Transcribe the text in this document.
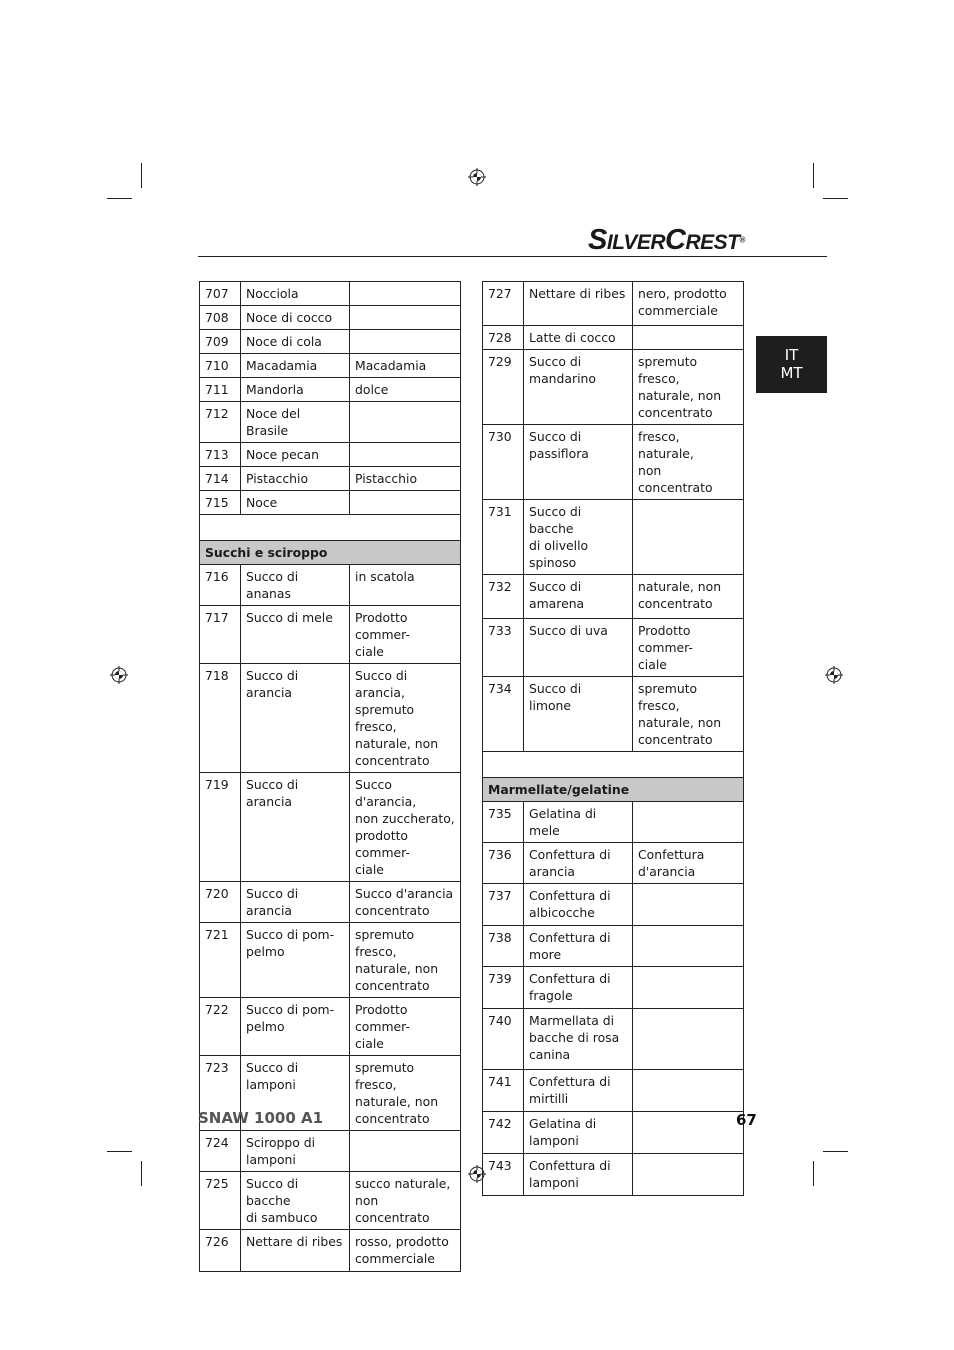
SILVERCREST®
IT
MT
707	Nocciola	
708	Noce di cocco	
709	Noce di cola	
710	Macadamia	Macadamia
711	Mandorla	dolce
712	Noce del Brasile	
713	Noce pecan	
714	Pistacchio	Pistacchio
715	Noce	

Succhi e sciroppo		
716	Succo di ananas	in scatola
717	Succo di mele	Prodotto commer-
ciale
718	Succo di arancia	Succo di arancia,
spremuto fresco,
naturale, non
concentrato
719	Succo di arancia	Succo d'arancia,
non zuccherato,
prodotto commer-
ciale
720	Succo di arancia	Succo d'arancia
concentrato
721	Succo di pom-
pelmo	spremuto fresco,
naturale, non
concentrato
722	Succo di pom-
pelmo	Prodotto commer-
ciale
723	Succo di lamponi	spremuto fresco,
naturale, non
concentrato
724	Sciroppo di
lamponi	
725	Succo di bacche
di sambuco	succo naturale,
non concentrato
726	Nettare di ribes	rosso, prodotto
commerciale
727	Nettare di ribes	nero, prodotto
commerciale
728	Latte di cocco	
729	Succo di
mandarino	spremuto fresco,
naturale, non
concentrato
730	Succo di
passiflora	fresco, naturale,
non concentrato
731	Succo di bacche
di olivello
spinoso	
732	Succo di
amarena	naturale, non
concentrato
733	Succo di uva	Prodotto commer-
ciale
734	Succo di limone	spremuto fresco,
naturale, non
concentrato

Marmellate/gelatine		
735	Gelatina di mele	
736	Confettura di
arancia	Confettura
d'arancia
737	Confettura di
albicocche	
738	Confettura di
more	
739	Confettura di
fragole	
740	Marmellata di
bacche di rosa
canina	
741	Confettura di
mirtilli	
742	Gelatina di
lamponi	
743	Confettura di
lamponi	
SNAW 1000 A1	67
